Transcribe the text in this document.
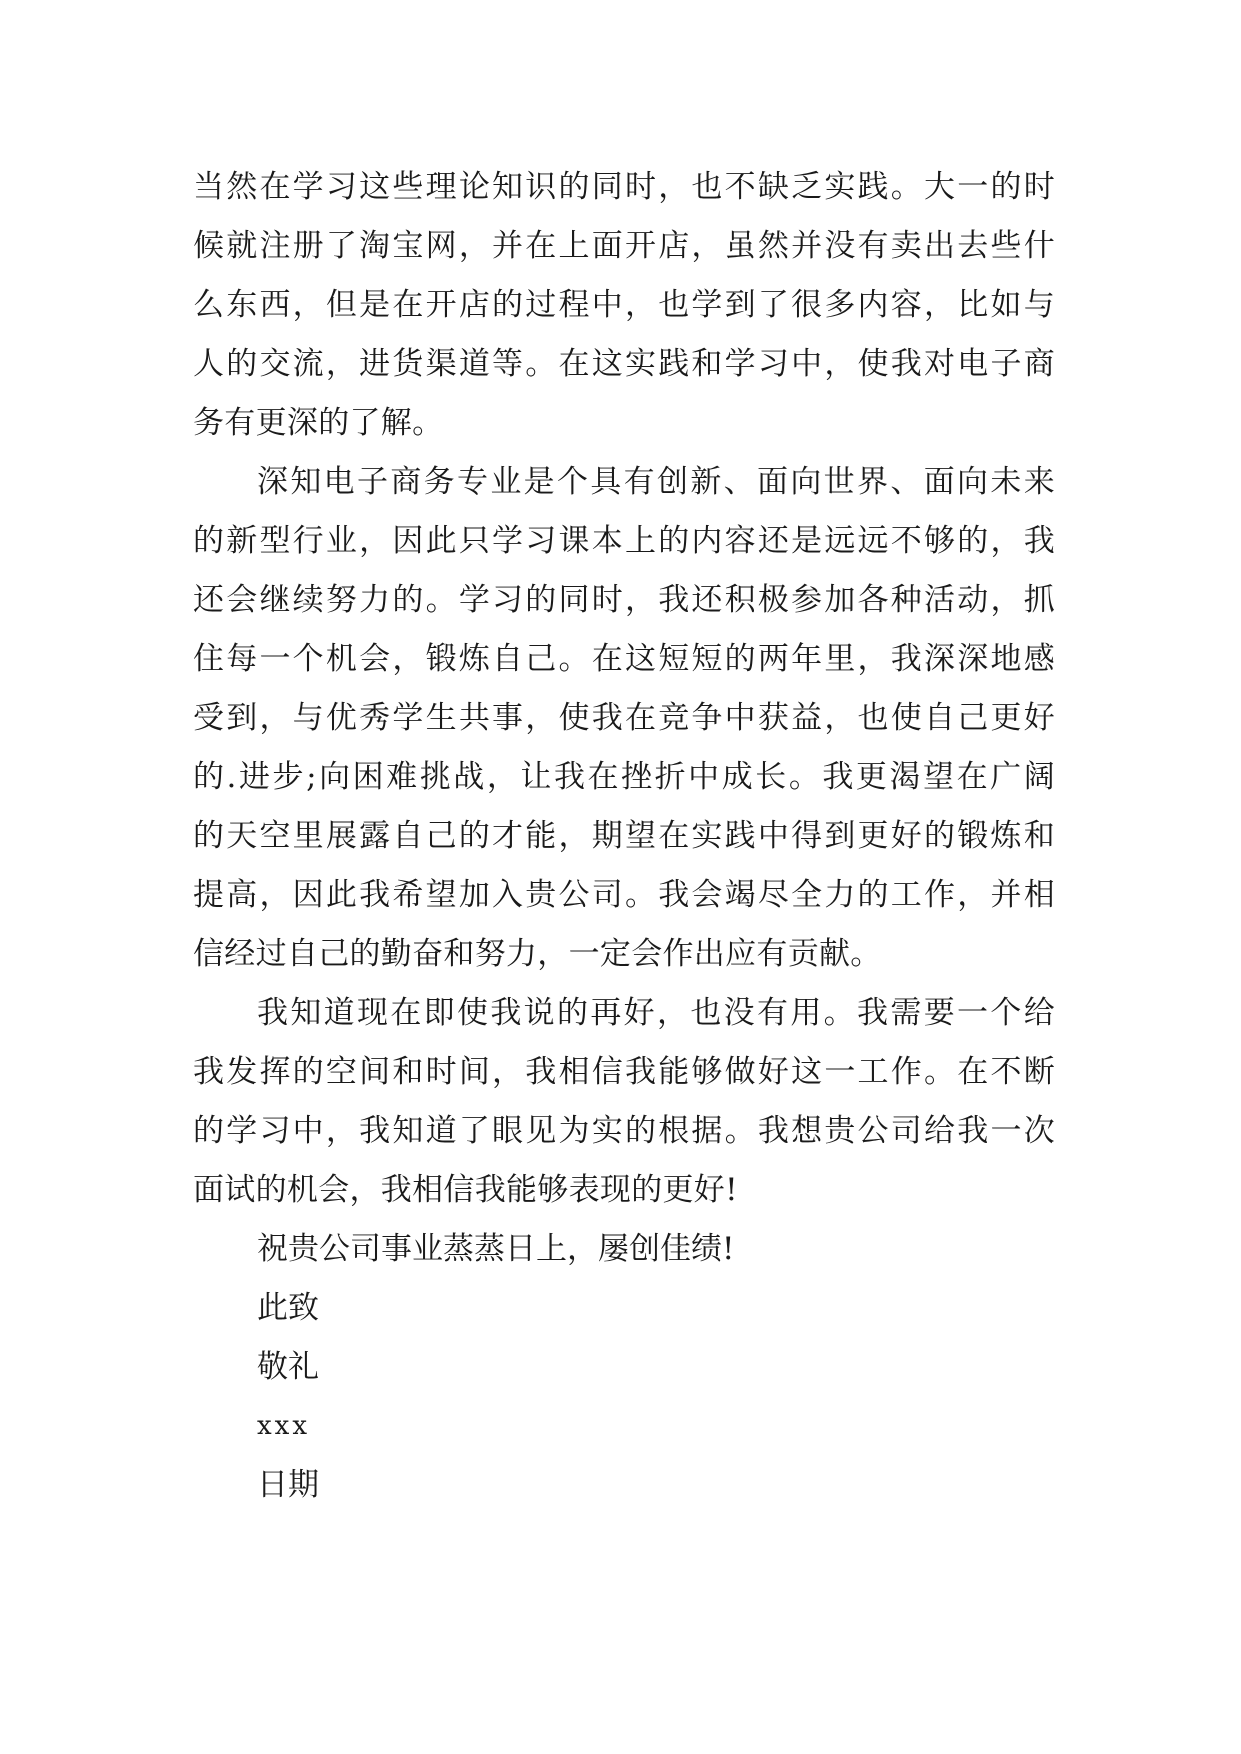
当然在学习这些理论知识的同时，也不缺乏实践。大一的时
候就注册了淘宝网，并在上面开店，虽然并没有卖出去些什
么东西，但是在开店的过程中，也学到了很多内容，比如与
人的交流，进货渠道等。在这实践和学习中，使我对电子商
务有更深的了解。
深知电子商务专业是个具有创新、面向世界、面向未来
的新型行业，因此只学习课本上的内容还是远远不够的，我
还会继续努力的。学习的同时，我还积极参加各种活动，抓
住每一个机会，锻炼自己。在这短短的两年里，我深深地感
受到，与优秀学生共事，使我在竞争中获益，也使自己更好
的.进步;向困难挑战，让我在挫折中成长。我更渴望在广阔
的天空里展露自己的才能，期望在实践中得到更好的锻炼和
提高，因此我希望加入贵公司。我会竭尽全力的工作，并相
信经过自己的勤奋和努力，一定会作出应有贡献。
我知道现在即使我说的再好，也没有用。我需要一个给
我发挥的空间和时间，我相信我能够做好这一工作。在不断
的学习中，我知道了眼见为实的根据。我想贵公司给我一次
面试的机会，我相信我能够表现的更好!
祝贵公司事业蒸蒸日上，屡创佳绩!
此致
敬礼
xxx
日期
